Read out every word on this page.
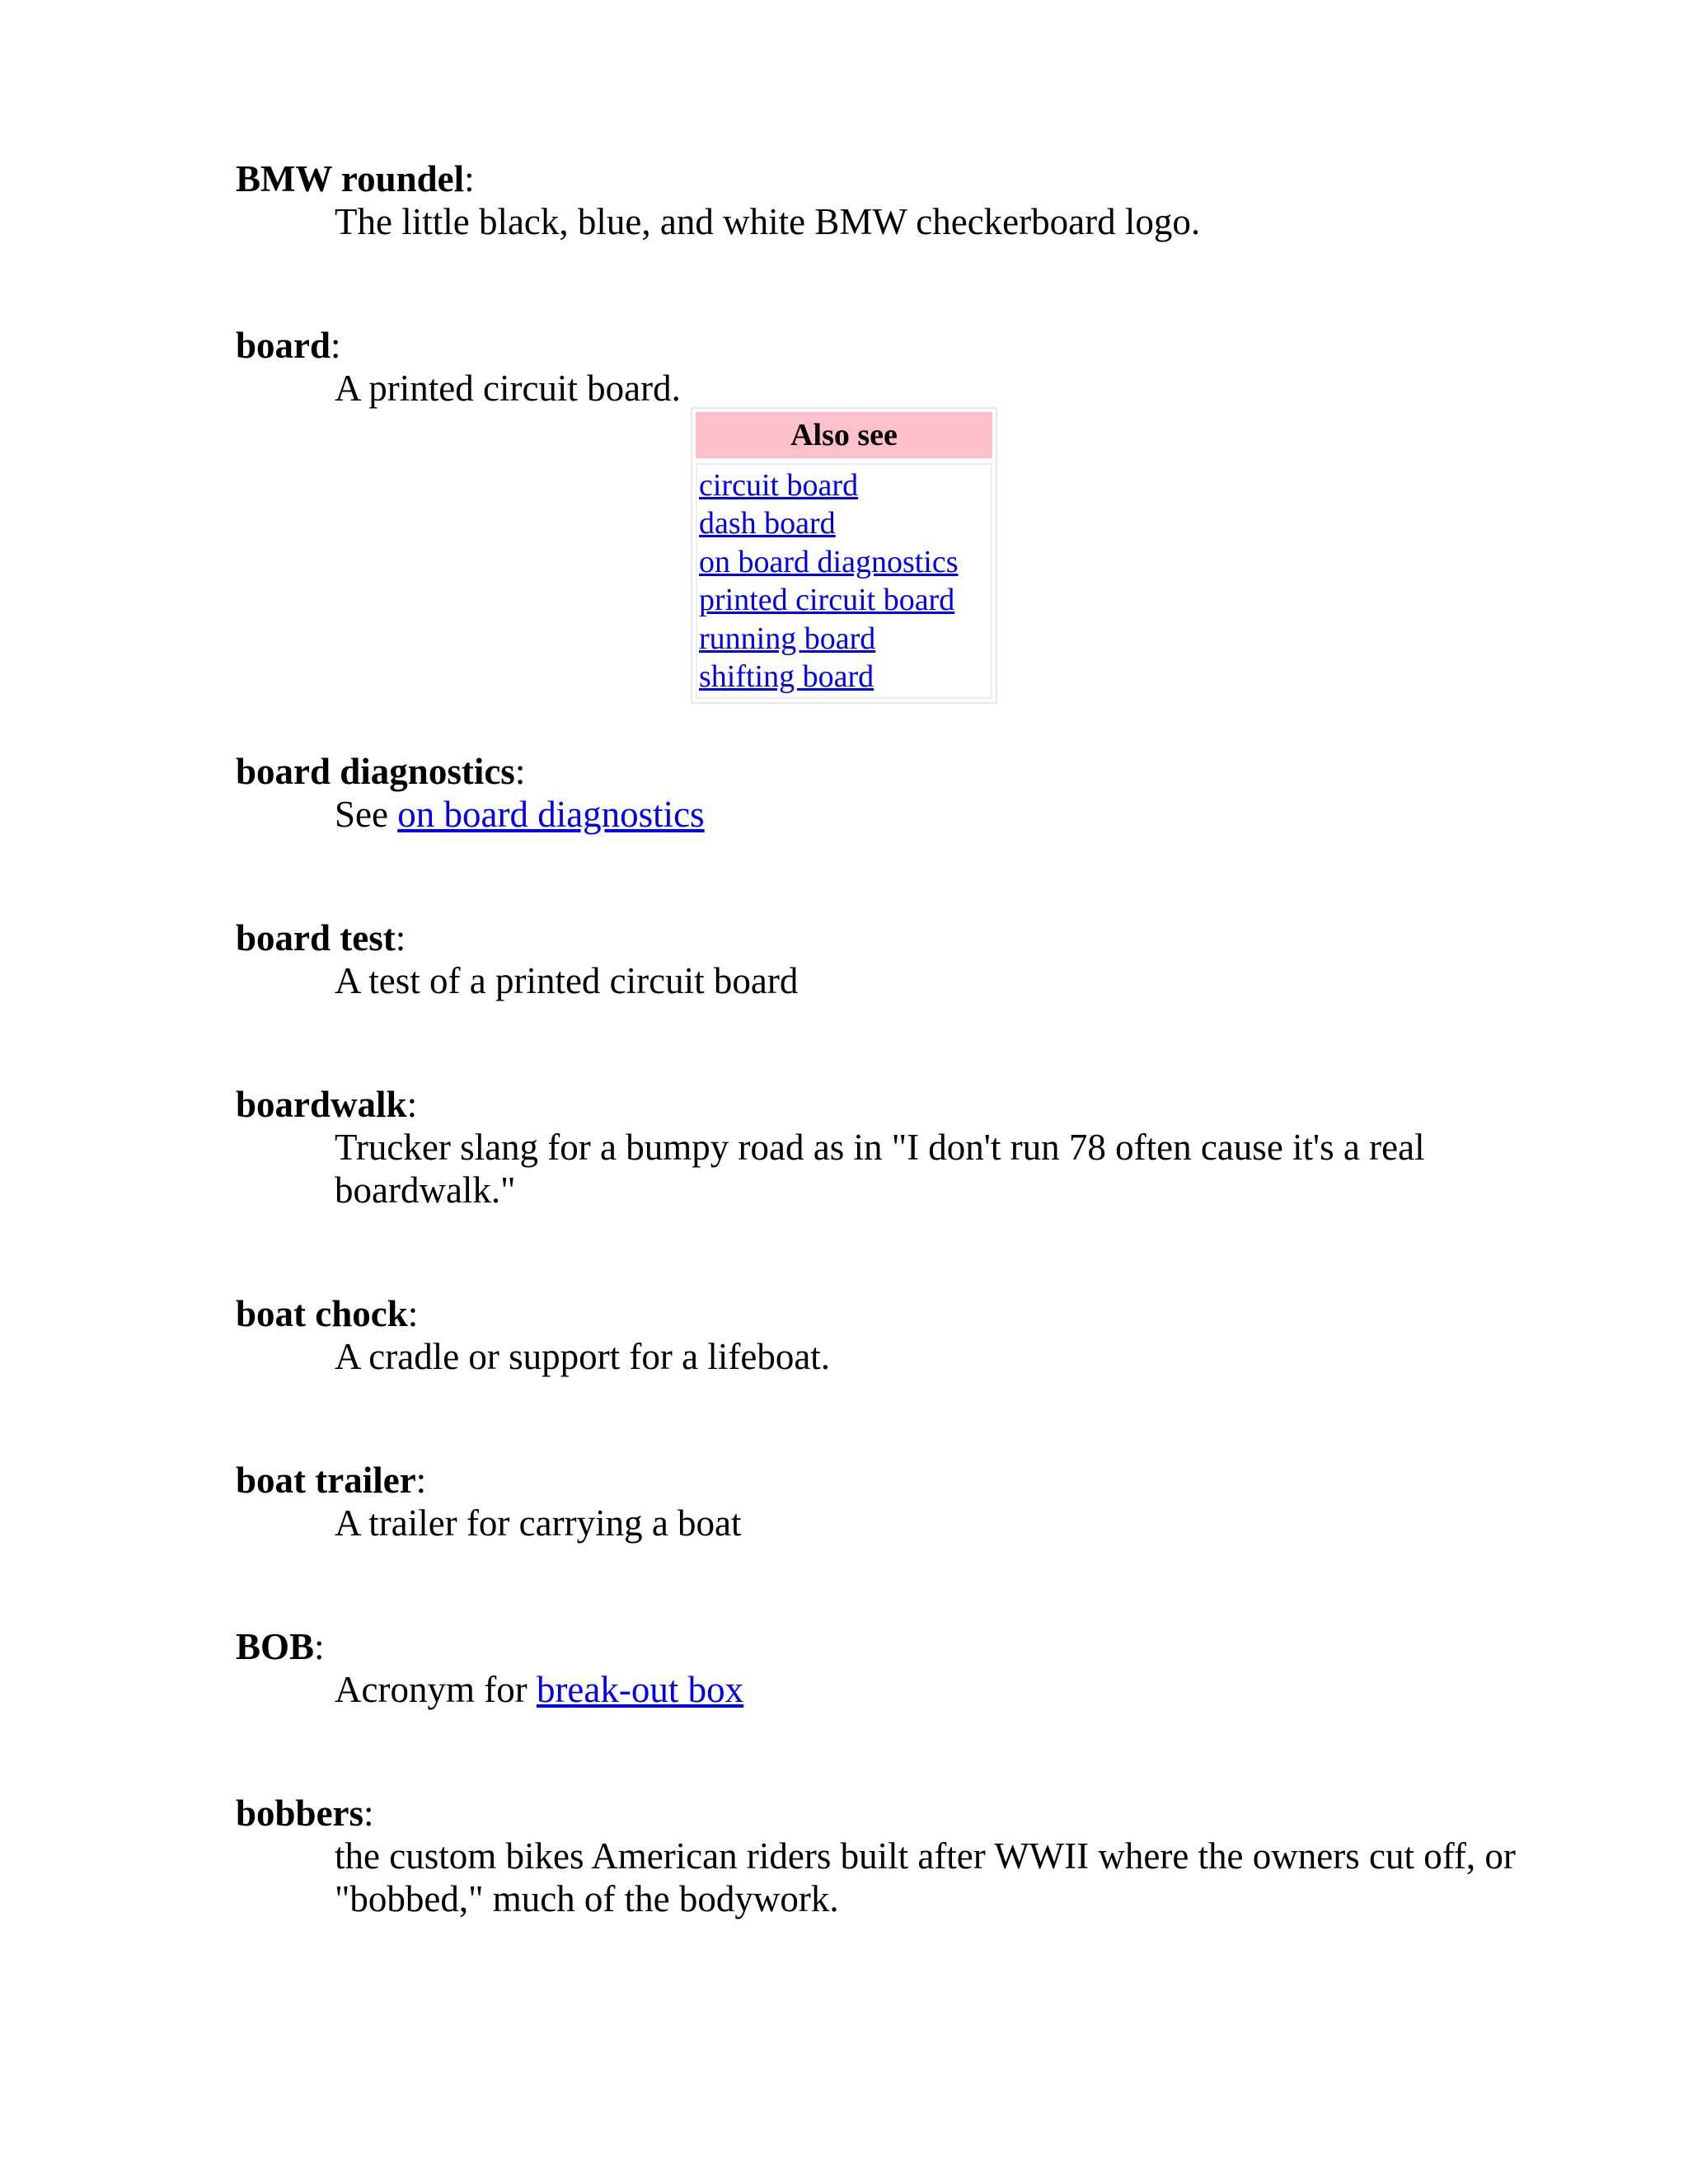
BMW roundel:

The little black, blue, and white BMW checkerboard logo.

board:

A printed circuit board.

Also see
circuit board
dash board
on board diagnostics
printed circuit board
running board
shifting board

board diagnostics:

See on board diagnostics

board test:

A test of a printed circuit board

boardwalk:

Trucker slang for a bumpy road as in "I don't run 78 often cause it's a real boardwalk."

boat chock:

A cradle or support for a lifeboat.

boat trailer:

A trailer for carrying a boat

BOB:

Acronym for break-out box

bobbers:

the custom bikes American riders built after WWII where the owners cut off, or "bobbed," much of the bodywork.
